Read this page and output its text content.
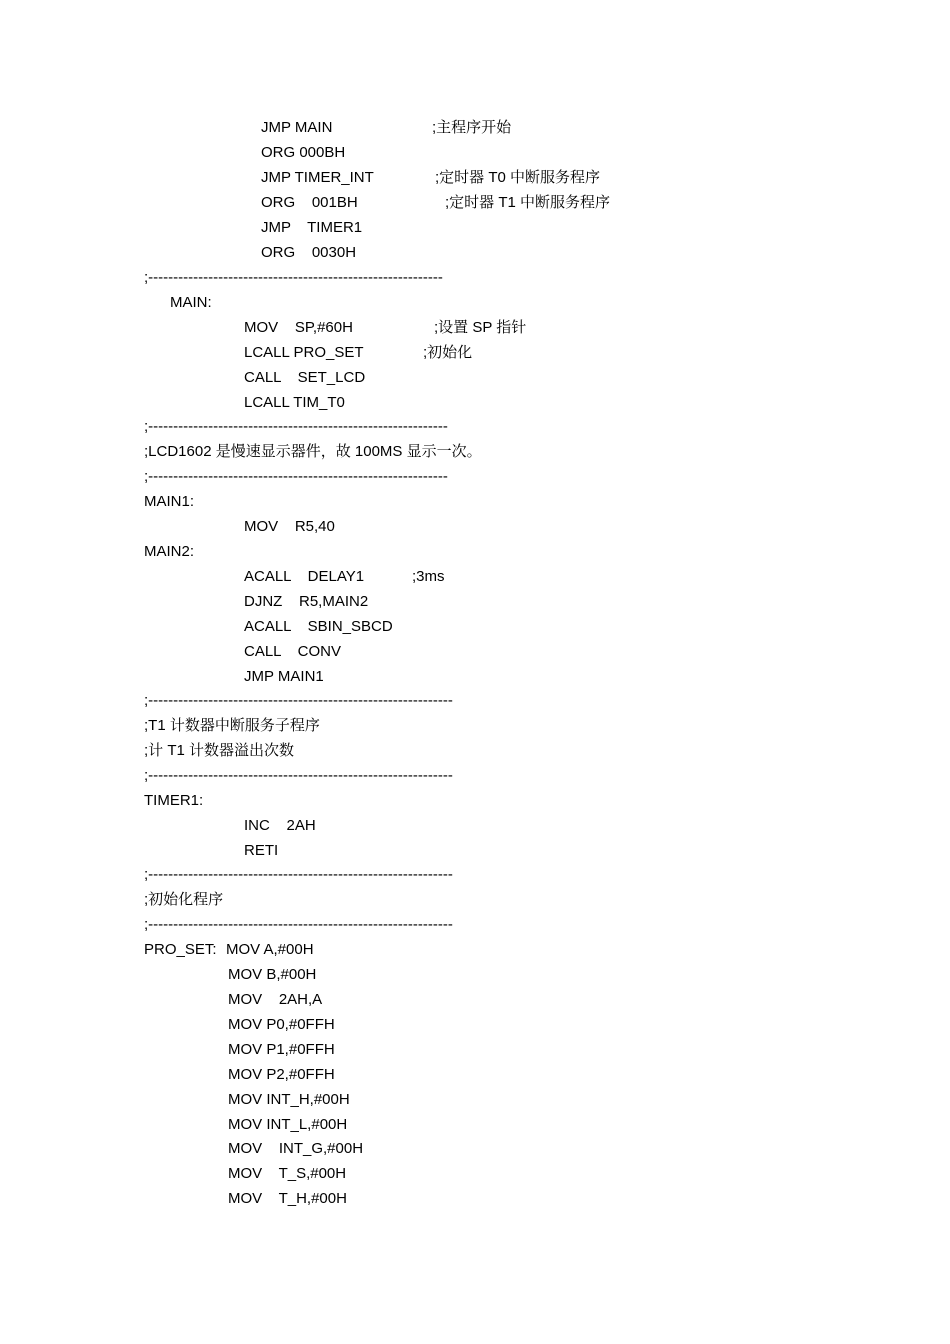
JMP MAIN	;主程序开始
ORG 000BH
JMP TIMER_INT	;定时器 T0 中断服务程序
ORG    001BH	;定时器 T1 中断服务程序
JMP    TIMER1
ORG    0030H
;-----------------------------------------------------------
MAIN:
MOV    SP,#60H	;设置 SP 指针
LCALL PRO_SET	;初始化
CALL    SET_LCD
LCALL TIM_T0
;------------------------------------------------------------
;LCD1602 是慢速显示器件，故 100MS 显示一次。
;------------------------------------------------------------
MAIN1:
MOV    R5,40
MAIN2:
ACALL    DELAY1	;3ms
DJNZ    R5,MAIN2
ACALL    SBIN_SBCD
CALL    CONV
JMP MAIN1
;-------------------------------------------------------------
;T1 计数器中断服务子程序
;计 T1 计数器溢出次数
;-------------------------------------------------------------
TIMER1:
INC    2AH
RETI
;-------------------------------------------------------------
;初始化程序
;-------------------------------------------------------------
PRO_SET: MOV A,#00H
MOV B,#00H
MOV    2AH,A
MOV P0,#0FFH
MOV P1,#0FFH
MOV P2,#0FFH
MOV INT_H,#00H
MOV INT_L,#00H
MOV    INT_G,#00H
MOV    T_S,#00H
MOV    T_H,#00H
